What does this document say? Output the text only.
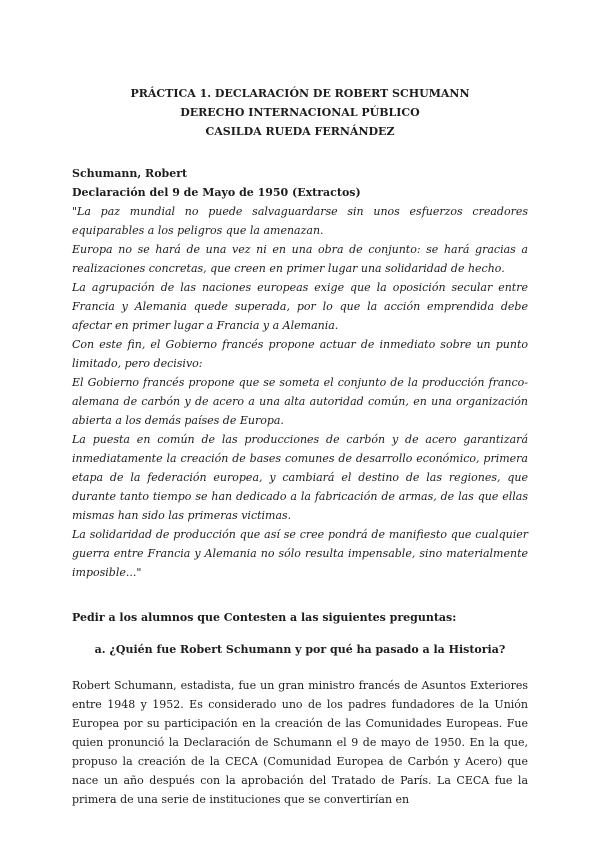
PRÁCTICA 1. DECLARACIÓN DE ROBERT SCHUMANN

DERECHO INTERNACIONAL PÚBLICO

CASILDA RUEDA FERNÁNDEZ

Schumann, Robert

Declaración del 9 de Mayo de 1950 (Extractos)

"La paz mundial no puede salvaguardarse sin unos esfuerzos creadores equiparables a los peligros que la amenazan.

Europa no se hará de una vez ni en una obra de conjunto: se hará gracias a realizaciones concretas, que creen en primer lugar una solidaridad de hecho.

La agrupación de las naciones europeas exige que la oposición secular entre Francia y Alemania quede superada, por lo que la acción emprendida debe afectar en primer lugar a Francia y a Alemania.

Con este fin, el Gobierno francés propone actuar de inmediato sobre un punto limitado, pero decisivo:

El Gobierno francés propone que se someta el conjunto de la producción franco-alemana de carbón y de acero a una alta autoridad común, en una organización abierta a los demás países de Europa.

La puesta en común de las producciones de carbón y de acero garantizará inmediatamente la creación de bases comunes de desarrollo económico, primera etapa de la federación europea, y cambiará el destino de las regiones, que durante tanto tiempo se han dedicado a la fabricación de armas, de las que ellas mismas han sido las primeras victimas.

La solidaridad de producción que así se cree pondrá de manifiesto que cualquier guerra entre Francia y Alemania no sólo resulta impensable, sino materialmente imposible..."

Pedir a los alumnos que Contesten a las siguientes preguntas:

a. ¿Quién fue Robert Schumann y por qué ha pasado a la Historia?

Robert Schumann, estadista, fue un gran ministro francés de Asuntos Exteriores entre 1948 y 1952. Es considerado uno de los padres fundadores de la Unión Europea por su participación en la creación de las Comunidades Europeas. Fue quien pronunció la Declaración de Schumann el 9 de mayo de 1950. En la que, propuso la creación de la CECA (Comunidad Europea de Carbón y Acero) que nace un año después con la aprobación del Tratado de París. La CECA fue la primera de una serie de instituciones que se convertirían en
